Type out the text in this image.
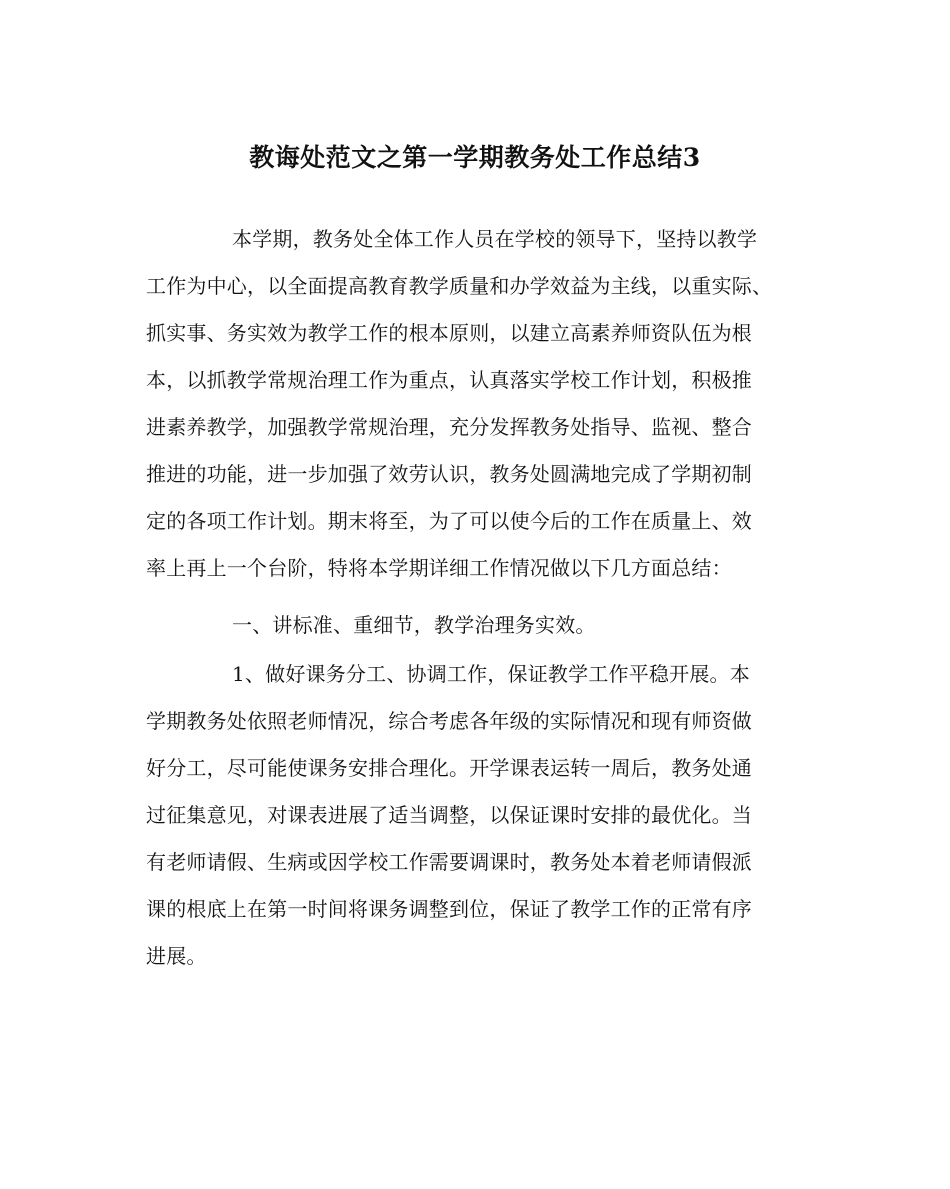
教诲处范文之第一学期教务处工作总结3

本学期，教务处全体工作人员在学校的领导下，坚持以教学

工作为中心，以全面提高教育教学质量和办学效益为主线，以重实际、

抓实事、务实效为教学工作的根本原则，以建立高素养师资队伍为根

本，以抓教学常规治理工作为重点，认真落实学校工作计划，积极推

进素养教学，加强教学常规治理，充分发挥教务处指导、监视、整合

推进的功能，进一步加强了效劳认识，教务处圆满地完成了学期初制

定的各项工作计划。期末将至，为了可以使今后的工作在质量上、效

率上再上一个台阶，特将本学期详细工作情况做以下几方面总结：

一、讲标准、重细节，教学治理务实效。

1、做好课务分工、协调工作，保证教学工作平稳开展。本

学期教务处依照老师情况，综合考虑各年级的实际情况和现有师资做

好分工，尽可能使课务安排合理化。开学课表运转一周后，教务处通

过征集意见，对课表进展了适当调整，以保证课时安排的最优化。当

有老师请假、生病或因学校工作需要调课时，教务处本着老师请假派

课的根底上在第一时间将课务调整到位，保证了教学工作的正常有序

进展。
